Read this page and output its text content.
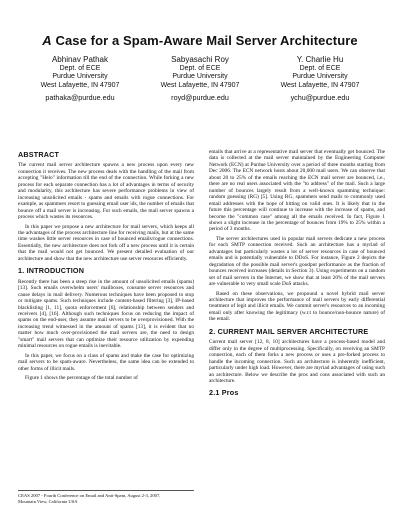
A Case for a Spam-Aware Mail Server Architecture
Abhinav Pathak
Dept. of ECE
Purdue University
West Lafayette, IN 47907
pathaka@purdue.edu
Sabyasachi Roy
Dept. of ECE
Purdue University
West Lafayette, IN 47907
royd@purdue.edu
Y. Charlie Hu
Dept. of ECE
Purdue University
West Lafayette, IN 47907
ychu@purdue.edu
ABSTRACT

The current mail server architecture spawns a new process upon every new connection it receives. The new process deals with the handling of the mail from accepting "Helo" information till the end of the connection. While forking a new process for each separate connection has a lot of advantages in terms of security and modularity, this architecture has severe performance problems in view of increasing unsolicited emails - spams and emails with rogue connections. For example, as spammers resort to guessing email user ids, the number of emails that bounce off a mail server is increasing. For such emails, the mail server spawns a process which wastes its resources.

In this paper we propose a new architecture for mail servers, which keeps all the advantages of the process architecture line for receiving mails, but at the same time washes little server resources in case of bounced emails/rogue connections. Essentially, the new architecture does not fork off a new process until it is certain that the mail would not get bounced. We present detailed evaluation of our architecture and show that the new architecture use server resources efficiently.

1. INTRODUCTION

Recently there has been a steep rise in the amount of unsolicited emails (spams) [13]. Such emails overwhelm users' mailboxes, consume server resources and cause delays in mail delivery. Numerous techniques have been proposed to stop or mitigate spams. Such techniques include content-based filtering [3], IP-based blacklisting [1, 11], quota enforcement [6], relationship between senders and receivers [4], [16]. Although such techniques focus on reducing the impact of spams on the end-user, they assume mail servers to be overprovisioned. With the increasing trend witnessed in the amount of spams [13], it is evident that no matter how much over-provisioned the mail servers are, the need to design "smart" mail servers that can optimize their resource utilization by expending minimal resources on rogue emails is inevitable.

In this paper, we focus on a class of spams and make the case for optimizing mail servers to be spam-aware. Nevertheless, the same idea can be extended to other forms of illicit mails.

Figure 1 shows the percentage of the total number of

CEAS 2007 - Fourth Conference on Email and Anti-Spam, August 2-3, 2007,
Mountain View, California USA

emails that arrive at a representative mail server that eventually get bounced. The data is collected at the mail server maintained by the Engineering Computer Network (ECN) at Purdue University over a period of three months starting from Dec 2006. The ECN network hosts about 20,000 mail users. We can observe that about 20 to 25% of the emails reaching the ECN mail server are bounced, i.e., there are no real users associated with the "to address" of the mail. Such a large number of bounces largely result from a well-known spamming technique: random guessing (RG) [5]. Using RG, spammers send mails to commonly used email addresses with the hope of hitting on valid ones. It is likely that in the future this percentage will continue to increase with the increase of spams, and become the "common case" among all the emails received. In fact, Figure 1 shows a slight increase in the percentage of bounces from 19% to 25% within a period of 3 months.

The server architectures used in popular mail servers dedicate a new process for each SMTP connection received. Such an architecture has a myriad of advantages but particularly wastes a lot of server resources in case of bounced emails and is potentially vulnerable to DDoS. For instance, Figure 2 depicts the degradation of the possible mail server's goodput performance as the fraction of bounces received increases (details in Section 3). Using experiments on a random set of mail servers in the Internet, we show that at least 20% of the mail servers are vulnerable to very small scale DoS attacks.

Based on these observations, we propound a novel hybrid mail server architecture that improves the performance of mail servers by early differential treatment of legit and illicit emails. We commit server's resources to an incoming email only after knowing the legitimacy (w.r.t to bounce/non-bounce nature) of the email.

2. CURRENT MAIL SERVER ARCHITECTURE

Current mail server [12, 8, 10] architectures have a process-based model and differ only in the degree of multiprocessing. Specifically, on receiving an SMTP connection, each of them forks a new process or uses a pre-forked process to handle the incoming connection. Such an architecture is inherently inefficient, particularly under high load. However, there are myriad advantages of using such an architecture. Below we describe the pros and cons associated with such an architecture.

2.1 Pros
